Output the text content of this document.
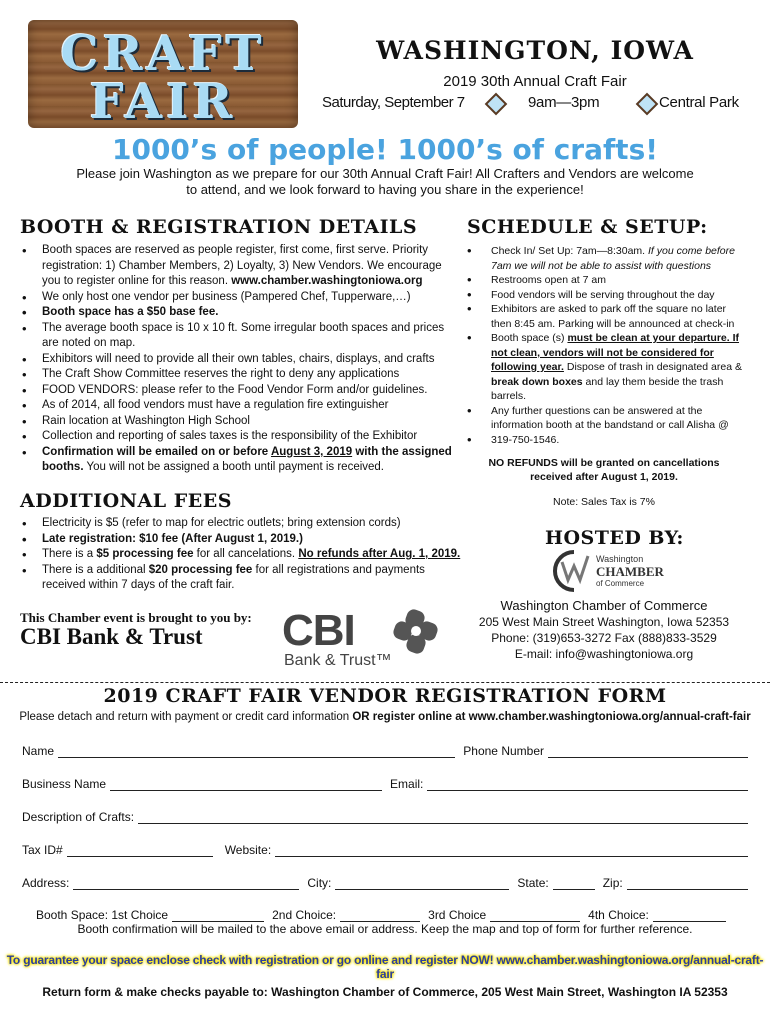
CRAFT
FAIR
WASHINGTON, IOWA
2019 30th Annual Craft Fair
Saturday, September 7	9am—3pm	Central Park
1000’s of people! 1000’s of crafts!
Please join Washington as we prepare for our 30th Annual Craft Fair! All Crafters and Vendors are welcome to attend, and we look forward to having you share in the experience!
BOOTH & REGISTRATION DETAILS
• Booth spaces are reserved as people register, first come, first serve. Priority registration: 1) Chamber Members, 2) Loyalty, 3) New Vendors. We encourage you to register online for this reason. www.chamber.washingtoniowa.org
• We only host one vendor per business (Pampered Chef, Tupperware,…)
• Booth space has a $50 base fee.
• The average booth space is 10 x 10 ft. Some irregular booth spaces and prices are noted on map.
• Exhibitors will need to provide all their own tables, chairs, displays, and crafts
• The Craft Show Committee reserves the right to deny any applications
• FOOD VENDORS: please refer to the Food Vendor Form and/or guidelines.
• As of 2014, all food vendors must have a regulation fire extinguisher
• Rain location at Washington High School
• Collection and reporting of sales taxes is the responsibility of the Exhibitor
• Confirmation will be emailed on or before August 3, 2019 with the assigned booths. You will not be assigned a booth until payment is received.
ADDITIONAL FEES
• Electricity is $5 (refer to map for electric outlets; bring extension cords)
• Late registration: $10 fee (After August 1, 2019.)
• There is a $5 processing fee for all cancelations. No refunds after Aug. 1, 2019.
• There is a additional $20 processing fee for all registrations and payments received within 7 days of the craft fair.
SCHEDULE & SETUP:
• Check In/ Set Up: 7am—8:30am. If you come before 7am we will not be able to assist with questions
• Restrooms open at 7 am
• Food vendors will be serving throughout the day
• Exhibitors are asked to park off the square no later then 8:45 am. Parking will be announced at check-in
• Booth space (s) must be clean at your departure. If not clean, vendors will not be considered for following year. Dispose of trash in designated area & break down boxes and lay them beside the trash barrels.
• Any further questions can be answered at the information booth at the bandstand or call Alisha @
• 319-750-1546.
NO REFUNDS will be granted on cancellations received after August 1, 2019.
Note: Sales Tax is 7%
HOSTED BY:
Washington
CHAMBER
of Commerce
Washington Chamber of Commerce
205 West Main Street Washington, Iowa 52353
Phone: (319)653-3272 Fax (888)833-3529
E-mail: info@washingtoniowa.org
This Chamber event is brought to you by:
CBI Bank & Trust CBI
Bank & Trust™
2019 CRAFT FAIR VENDOR REGISTRATION FORM
Please detach and return with payment or credit card information OR register online at www.chamber.washingtoniowa.org/annual-craft-fair
Name	Phone Number
Business Name	Email:
Description of Crafts:
Tax ID#	Website:
Address:	City:	State:	Zip:
Booth Space: 1st Choice	2nd Choice:	3rd Choice	4th Choice:
Booth confirmation will be mailed to the above email or address. Keep the map and top of form for further reference.
To guarantee your space enclose check with registration or go online and register NOW! www.chamber.washingtoniowa.org/annual-craft-fair
Return form & make checks payable to: Washington Chamber of Commerce, 205 West Main Street, Washington IA 52353
